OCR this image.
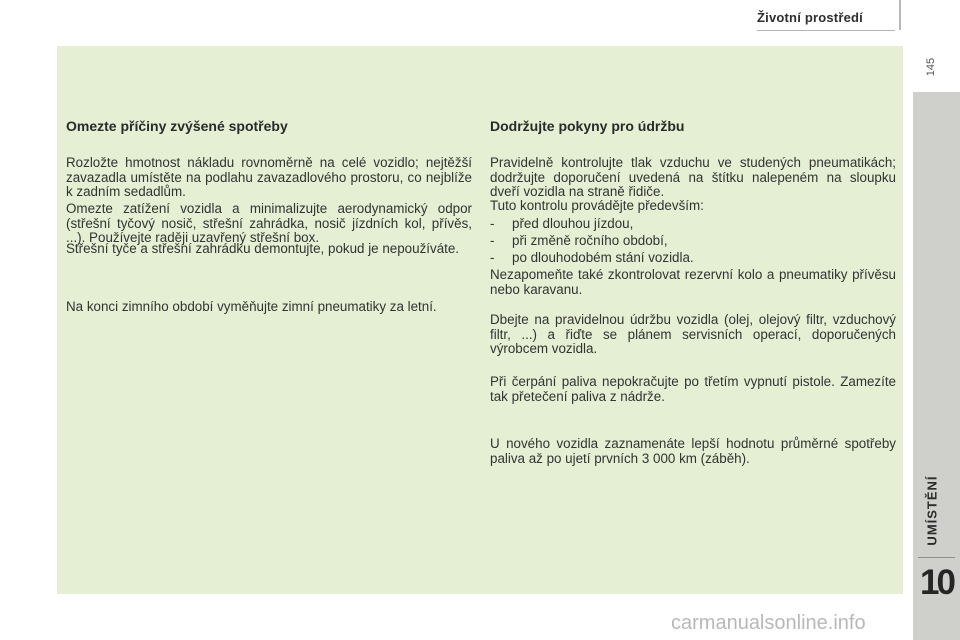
Životní prostředí
145
UMÍSTĚNÍ
10
Omezte příčiny zvýšené spotřeby

Rozložte hmotnost nákladu rovnoměrně na celé vozidlo; nejtěžší zavazadla umístěte na podlahu zavazadlového prostoru, co nejblíže k zadním sedadlům.

Omezte zatížení vozidla a minimalizujte aerodynamický odpor (střešní tyčový nosič, střešní zahrádka, nosič jízdních kol, přívěs, ...). Používejte raději uzavřený střešní box.

Střešní tyče a střešní zahrádku demontujte, pokud je nepoužíváte.

Na konci zimního období vyměňujte zimní pneumatiky za letní.

Dodržujte pokyny pro údržbu

Pravidelně kontrolujte tlak vzduchu ve studených pneumatikách; dodržujte doporučení uvedená na štítku nalepeném na sloupku dveří vozidla na straně řidiče.

Tuto kontrolu provádějte především:

- před dlouhou jízdou,
- při změně ročního období,
- po dlouhodobém stání vozidla.

Nezapomeňte také zkontrolovat rezervní kolo a pneumatiky přívěsu nebo karavanu.

Dbejte na pravidelnou údržbu vozidla (olej, olejový filtr, vzduchový filtr, ...) a řiďte se plánem servisních operací, doporučených výrobcem vozidla.

Při čerpání paliva nepokračujte po třetím vypnutí pistole. Zamezíte tak přetečení paliva z nádrže.

U nového vozidla zaznamenáte lepší hodnotu průměrné spotřeby paliva až po ujetí prvních 3 000 km (záběh).

carmanualsonline.info
